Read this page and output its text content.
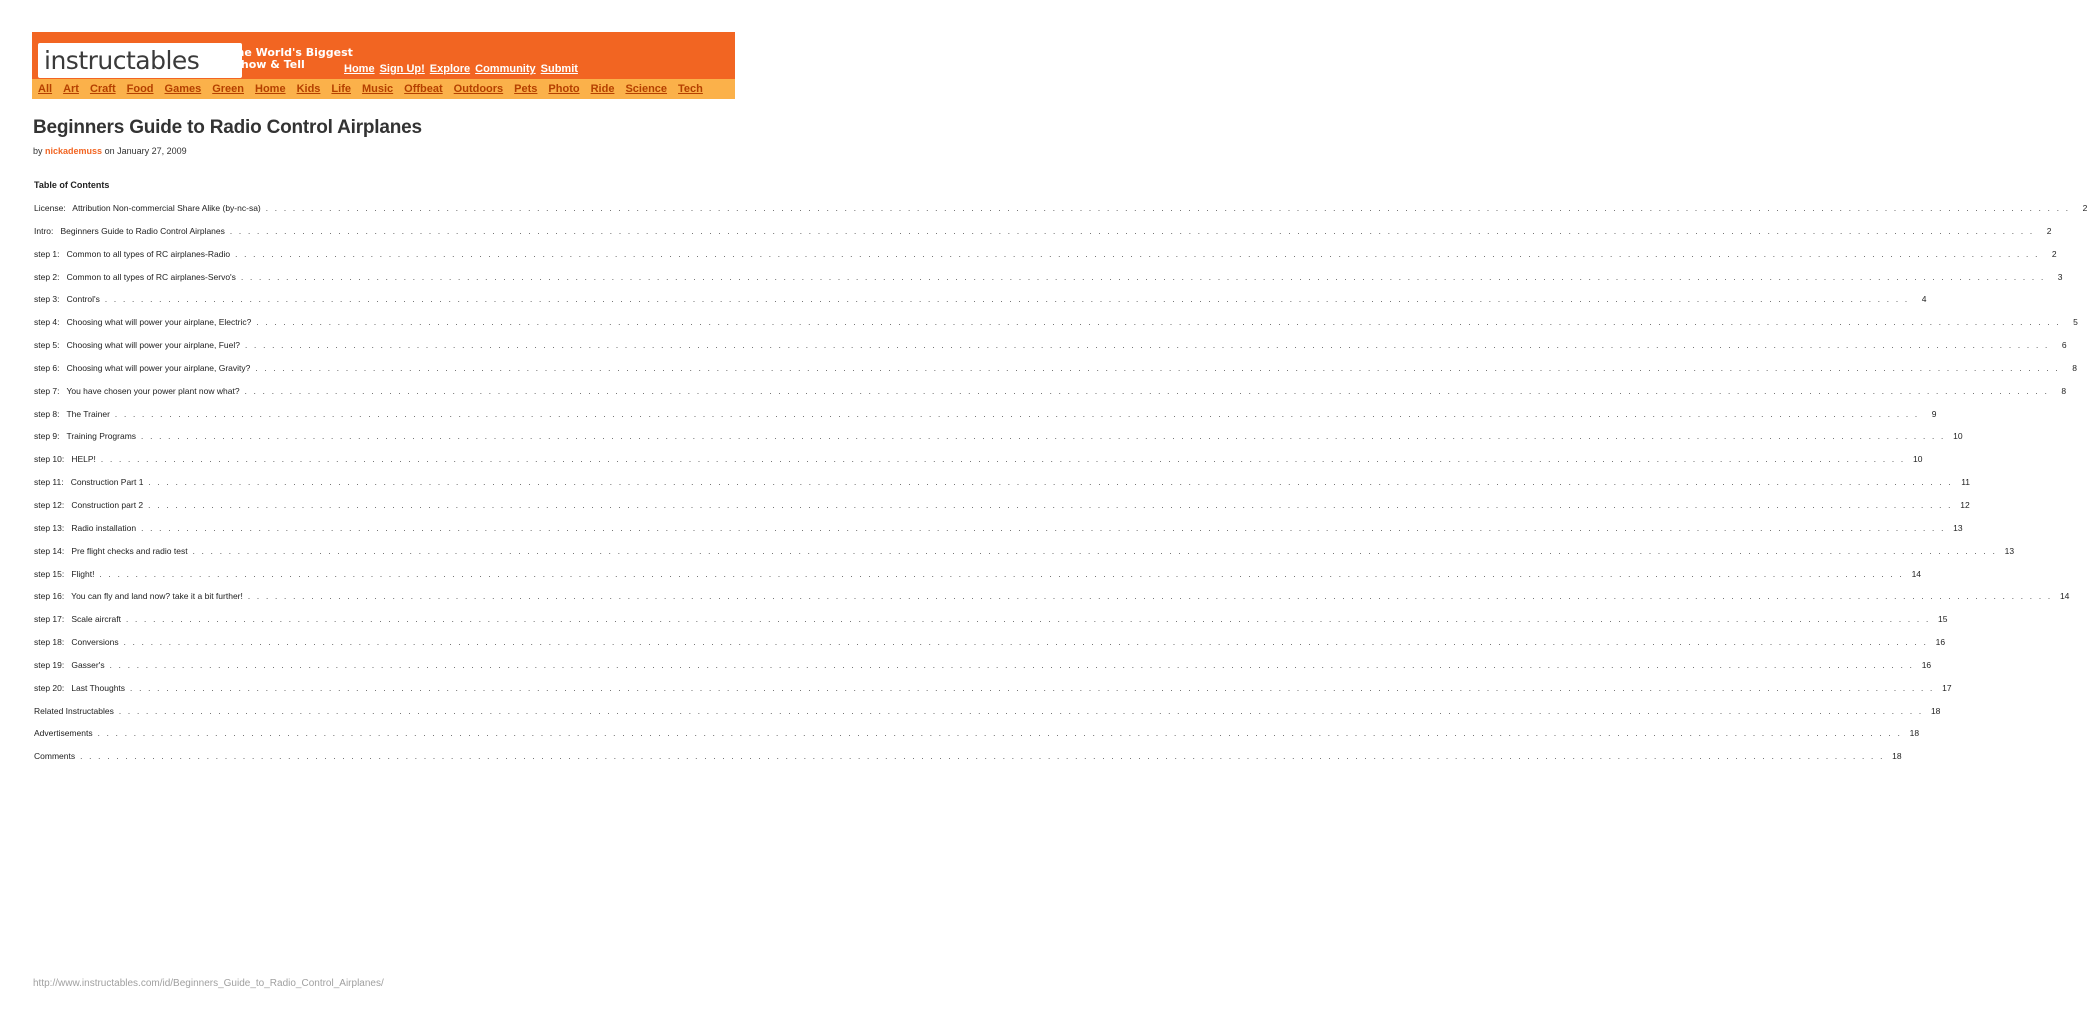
instructables	The World's Biggest
Show & Tell	Home Sign Up! Explore Community Submit
All Art Craft Food Games Green Home Kids Life Music Offbeat Outdoors Pets Photo Ride Science Tech
Beginners Guide to Radio Control Airplanes
by nickademuss on January 27, 2009
Table of Contents
License:   Attribution Non-commercial Share Alike (by-nc-sa) . . . . . . . . . . . . . . . . . . . . . . . . . . . . . . . . . . . . . . . . . . . . . . . . . . . . . . . . . . . . . . . . . . . . . . . . . . . . . . . . . . . . . . . . . . . . . . . . . . . . . . . . . . . . . . . . . . . . . . . . . . . . . . . . . . . . . . . . . . . . . . . . . . . . . . . . . . . . . . . . . . . . . . . . . . . . . . . . . . . . . . . . . . . . . . . . . . . . . . . .	2
Intro:   Beginners Guide to Radio Control Airplanes . . . . . . . . . . . . . . . . . . . . . . . . . . . . . . . . . . . . . . . . . . . . . . . . . . . . . . . . . . . . . . . . . . . . . . . . . . . . . . . . . . . . . . . . . . . . . . . . . . . . . . . . . . . . . . . . . . . . . . . . . . . . . . . . . . . . . . . . . . . . . . . . . . . . . . . . . . . . . . . . . . . . . . . . . . . . . . . . . . . . . . . . . . . . . . . . . . . . . . . .	2
step 1:   Common to all types of RC airplanes-Radio . . . . . . . . . . . . . . . . . . . . . . . . . . . . . . . . . . . . . . . . . . . . . . . . . . . . . . . . . . . . . . . . . . . . . . . . . . . . . . . . . . . . . . . . . . . . . . . . . . . . . . . . . . . . . . . . . . . . . . . . . . . . . . . . . . . . . . . . . . . . . . . . . . . . . . . . . . . . . . . . . . . . . . . . . . . . . . . . . . . . . . . . . . . . . . . . . . . . . . . .	2
step 2:   Common to all types of RC airplanes-Servo's . . . . . . . . . . . . . . . . . . . . . . . . . . . . . . . . . . . . . . . . . . . . . . . . . . . . . . . . . . . . . . . . . . . . . . . . . . . . . . . . . . . . . . . . . . . . . . . . . . . . . . . . . . . . . . . . . . . . . . . . . . . . . . . . . . . . . . . . . . . . . . . . . . . . . . . . . . . . . . . . . . . . . . . . . . . . . . . . . . . . . . . . . . . . . . . . . . . . . . . .	3
step 3:   Control's . . . . . . . . . . . . . . . . . . . . . . . . . . . . . . . . . . . . . . . . . . . . . . . . . . . . . . . . . . . . . . . . . . . . . . . . . . . . . . . . . . . . . . . . . . . . . . . . . . . . . . . . . . . . . . . . . . . . . . . . . . . . . . . . . . . . . . . . . . . . . . . . . . . . . . . . . . . . . . . . . . . . . . . . . . . . . . . . . . . . . . . . . . . . . . . . . . . . . . . .	4
step 4:   Choosing what will power your airplane, Electric? . . . . . . . . . . . . . . . . . . . . . . . . . . . . . . . . . . . . . . . . . . . . . . . . . . . . . . . . . . . . . . . . . . . . . . . . . . . . . . . . . . . . . . . . . . . . . . . . . . . . . . . . . . . . . . . . . . . . . . . . . . . . . . . . . . . . . . . . . . . . . . . . . . . . . . . . . . . . . . . . . . . . . . . . . . . . . . . . . . . . . . . . . . . . . . . . . . . . . . . .	5
step 5:   Choosing what will power your airplane, Fuel? . . . . . . . . . . . . . . . . . . . . . . . . . . . . . . . . . . . . . . . . . . . . . . . . . . . . . . . . . . . . . . . . . . . . . . . . . . . . . . . . . . . . . . . . . . . . . . . . . . . . . . . . . . . . . . . . . . . . . . . . . . . . . . . . . . . . . . . . . . . . . . . . . . . . . . . . . . . . . . . . . . . . . . . . . . . . . . . . . . . . . . . . . . . . . . . . . . . . . . . .	6
step 6:   Choosing what will power your airplane, Gravity? . . . . . . . . . . . . . . . . . . . . . . . . . . . . . . . . . . . . . . . . . . . . . . . . . . . . . . . . . . . . . . . . . . . . . . . . . . . . . . . . . . . . . . . . . . . . . . . . . . . . . . . . . . . . . . . . . . . . . . . . . . . . . . . . . . . . . . . . . . . . . . . . . . . . . . . . . . . . . . . . . . . . . . . . . . . . . . . . . . . . . . . . . . . . . . . . . . . . . . . .	8
step 7:   You have chosen your power plant now what? . . . . . . . . . . . . . . . . . . . . . . . . . . . . . . . . . . . . . . . . . . . . . . . . . . . . . . . . . . . . . . . . . . . . . . . . . . . . . . . . . . . . . . . . . . . . . . . . . . . . . . . . . . . . . . . . . . . . . . . . . . . . . . . . . . . . . . . . . . . . . . . . . . . . . . . . . . . . . . . . . . . . . . . . . . . . . . . . . . . . . . . . . . . . . . . . . . . . . . . .	8
step 8:   The Trainer . . . . . . . . . . . . . . . . . . . . . . . . . . . . . . . . . . . . . . . . . . . . . . . . . . . . . . . . . . . . . . . . . . . . . . . . . . . . . . . . . . . . . . . . . . . . . . . . . . . . . . . . . . . . . . . . . . . . . . . . . . . . . . . . . . . . . . . . . . . . . . . . . . . . . . . . . . . . . . . . . . . . . . . . . . . . . . . . . . . . . . . . . . . . . . . . . . . . . . . .	9
step 9:   Training Programs . . . . . . . . . . . . . . . . . . . . . . . . . . . . . . . . . . . . . . . . . . . . . . . . . . . . . . . . . . . . . . . . . . . . . . . . . . . . . . . . . . . . . . . . . . . . . . . . . . . . . . . . . . . . . . . . . . . . . . . . . . . . . . . . . . . . . . . . . . . . . . . . . . . . . . . . . . . . . . . . . . . . . . . . . . . . . . . . . . . . . . . . . . . . . . . . . . . . . . . . 10
step 10:   HELP! . . . . . . . . . . . . . . . . . . . . . . . . . . . . . . . . . . . . . . . . . . . . . . . . . . . . . . . . . . . . . . . . . . . . . . . . . . . . . . . . . . . . . . . . . . . . . . . . . . . . . . . . . . . . . . . . . . . . . . . . . . . . . . . . . . . . . . . . . . . . . . . . . . . . . . . . . . . . . . . . . . . . . . . . . . . . . . . . . . . . . . . . . . . . . . . . . . . . . . . . 10
step 11:   Construction Part 1 . . . . . . . . . . . . . . . . . . . . . . . . . . . . . . . . . . . . . . . . . . . . . . . . . . . . . . . . . . . . . . . . . . . . . . . . . . . . . . . . . . . . . . . . . . . . . . . . . . . . . . . . . . . . . . . . . . . . . . . . . . . . . . . . . . . . . . . . . . . . . . . . . . . . . . . . . . . . . . . . . . . . . . . . . . . . . . . . . . . . . . . . . . . . . . . . . . . . . . . . 11
step 12:   Construction part 2 . . . . . . . . . . . . . . . . . . . . . . . . . . . . . . . . . . . . . . . . . . . . . . . . . . . . . . . . . . . . . . . . . . . . . . . . . . . . . . . . . . . . . . . . . . . . . . . . . . . . . . . . . . . . . . . . . . . . . . . . . . . . . . . . . . . . . . . . . . . . . . . . . . . . . . . . . . . . . . . . . . . . . . . . . . . . . . . . . . . . . . . . . . . . . . . . . . . . . . . . 12
step 13:   Radio installation . . . . . . . . . . . . . . . . . . . . . . . . . . . . . . . . . . . . . . . . . . . . . . . . . . . . . . . . . . . . . . . . . . . . . . . . . . . . . . . . . . . . . . . . . . . . . . . . . . . . . . . . . . . . . . . . . . . . . . . . . . . . . . . . . . . . . . . . . . . . . . . . . . . . . . . . . . . . . . . . . . . . . . . . . . . . . . . . . . . . . . . . . . . . . . . . . . . . . . . . 13
step 14:   Pre flight checks and radio test . . . . . . . . . . . . . . . . . . . . . . . . . . . . . . . . . . . . . . . . . . . . . . . . . . . . . . . . . . . . . . . . . . . . . . . . . . . . . . . . . . . . . . . . . . . . . . . . . . . . . . . . . . . . . . . . . . . . . . . . . . . . . . . . . . . . . . . . . . . . . . . . . . . . . . . . . . . . . . . . . . . . . . . . . . . . . . . . . . . . . . . . . . . . . . . . . . . . . . . . 13
step 15:   Flight! . . . . . . . . . . . . . . . . . . . . . . . . . . . . . . . . . . . . . . . . . . . . . . . . . . . . . . . . . . . . . . . . . . . . . . . . . . . . . . . . . . . . . . . . . . . . . . . . . . . . . . . . . . . . . . . . . . . . . . . . . . . . . . . . . . . . . . . . . . . . . . . . . . . . . . . . . . . . . . . . . . . . . . . . . . . . . . . . . . . . . . . . . . . . . . . . . . . . . . . . 14
step 16:   You can fly and land now? take it a bit further! . . . . . . . . . . . . . . . . . . . . . . . . . . . . . . . . . . . . . . . . . . . . . . . . . . . . . . . . . . . . . . . . . . . . . . . . . . . . . . . . . . . . . . . . . . . . . . . . . . . . . . . . . . . . . . . . . . . . . . . . . . . . . . . . . . . . . . . . . . . . . . . . . . . . . . . . . . . . . . . . . . . . . . . . . . . . . . . . . . . . . . . . . . . . . . . . . . . . . . . . 14
step 17:   Scale aircraft . . . . . . . . . . . . . . . . . . . . . . . . . . . . . . . . . . . . . . . . . . . . . . . . . . . . . . . . . . . . . . . . . . . . . . . . . . . . . . . . . . . . . . . . . . . . . . . . . . . . . . . . . . . . . . . . . . . . . . . . . . . . . . . . . . . . . . . . . . . . . . . . . . . . . . . . . . . . . . . . . . . . . . . . . . . . . . . . . . . . . . . . . . . . . . . . . . . . . . . . 15
step 18:   Conversions . . . . . . . . . . . . . . . . . . . . . . . . . . . . . . . . . . . . . . . . . . . . . . . . . . . . . . . . . . . . . . . . . . . . . . . . . . . . . . . . . . . . . . . . . . . . . . . . . . . . . . . . . . . . . . . . . . . . . . . . . . . . . . . . . . . . . . . . . . . . . . . . . . . . . . . . . . . . . . . . . . . . . . . . . . . . . . . . . . . . . . . . . . . . . . . . . . . . . . . . 16
step 19:   Gasser's . . . . . . . . . . . . . . . . . . . . . . . . . . . . . . . . . . . . . . . . . . . . . . . . . . . . . . . . . . . . . . . . . . . . . . . . . . . . . . . . . . . . . . . . . . . . . . . . . . . . . . . . . . . . . . . . . . . . . . . . . . . . . . . . . . . . . . . . . . . . . . . . . . . . . . . . . . . . . . . . . . . . . . . . . . . . . . . . . . . . . . . . . . . . . . . . . . . . . . . . 16
step 20:   Last Thoughts . . . . . . . . . . . . . . . . . . . . . . . . . . . . . . . . . . . . . . . . . . . . . . . . . . . . . . . . . . . . . . . . . . . . . . . . . . . . . . . . . . . . . . . . . . . . . . . . . . . . . . . . . . . . . . . . . . . . . . . . . . . . . . . . . . . . . . . . . . . . . . . . . . . . . . . . . . . . . . . . . . . . . . . . . . . . . . . . . . . . . . . . . . . . . . . . . . . . . . . . 17
Related Instructables . . . . . . . . . . . . . . . . . . . . . . . . . . . . . . . . . . . . . . . . . . . . . . . . . . . . . . . . . . . . . . . . . . . . . . . . . . . . . . . . . . . . . . . . . . . . . . . . . . . . . . . . . . . . . . . . . . . . . . . . . . . . . . . . . . . . . . . . . . . . . . . . . . . . . . . . . . . . . . . . . . . . . . . . . . . . . . . . . . . . . . . . . . . . . . . . . . . . . . . . 18
Advertisements . . . . . . . . . . . . . . . . . . . . . . . . . . . . . . . . . . . . . . . . . . . . . . . . . . . . . . . . . . . . . . . . . . . . . . . . . . . . . . . . . . . . . . . . . . . . . . . . . . . . . . . . . . . . . . . . . . . . . . . . . . . . . . . . . . . . . . . . . . . . . . . . . . . . . . . . . . . . . . . . . . . . . . . . . . . . . . . . . . . . . . . . . . . . . . . . . . . . . . . . 18
Comments . . . . . . . . . . . . . . . . . . . . . . . . . . . . . . . . . . . . . . . . . . . . . . . . . . . . . . . . . . . . . . . . . . . . . . . . . . . . . . . . . . . . . . . . . . . . . . . . . . . . . . . . . . . . . . . . . . . . . . . . . . . . . . . . . . . . . . . . . . . . . . . . . . . . . . . . . . . . . . . . . . . . . . . . . . . . . . . . . . . . . . . . . . . . . . . . . . . . . . . . 18
http://www.instructables.com/id/Beginners_Guide_to_Radio_Control_Airplanes/
